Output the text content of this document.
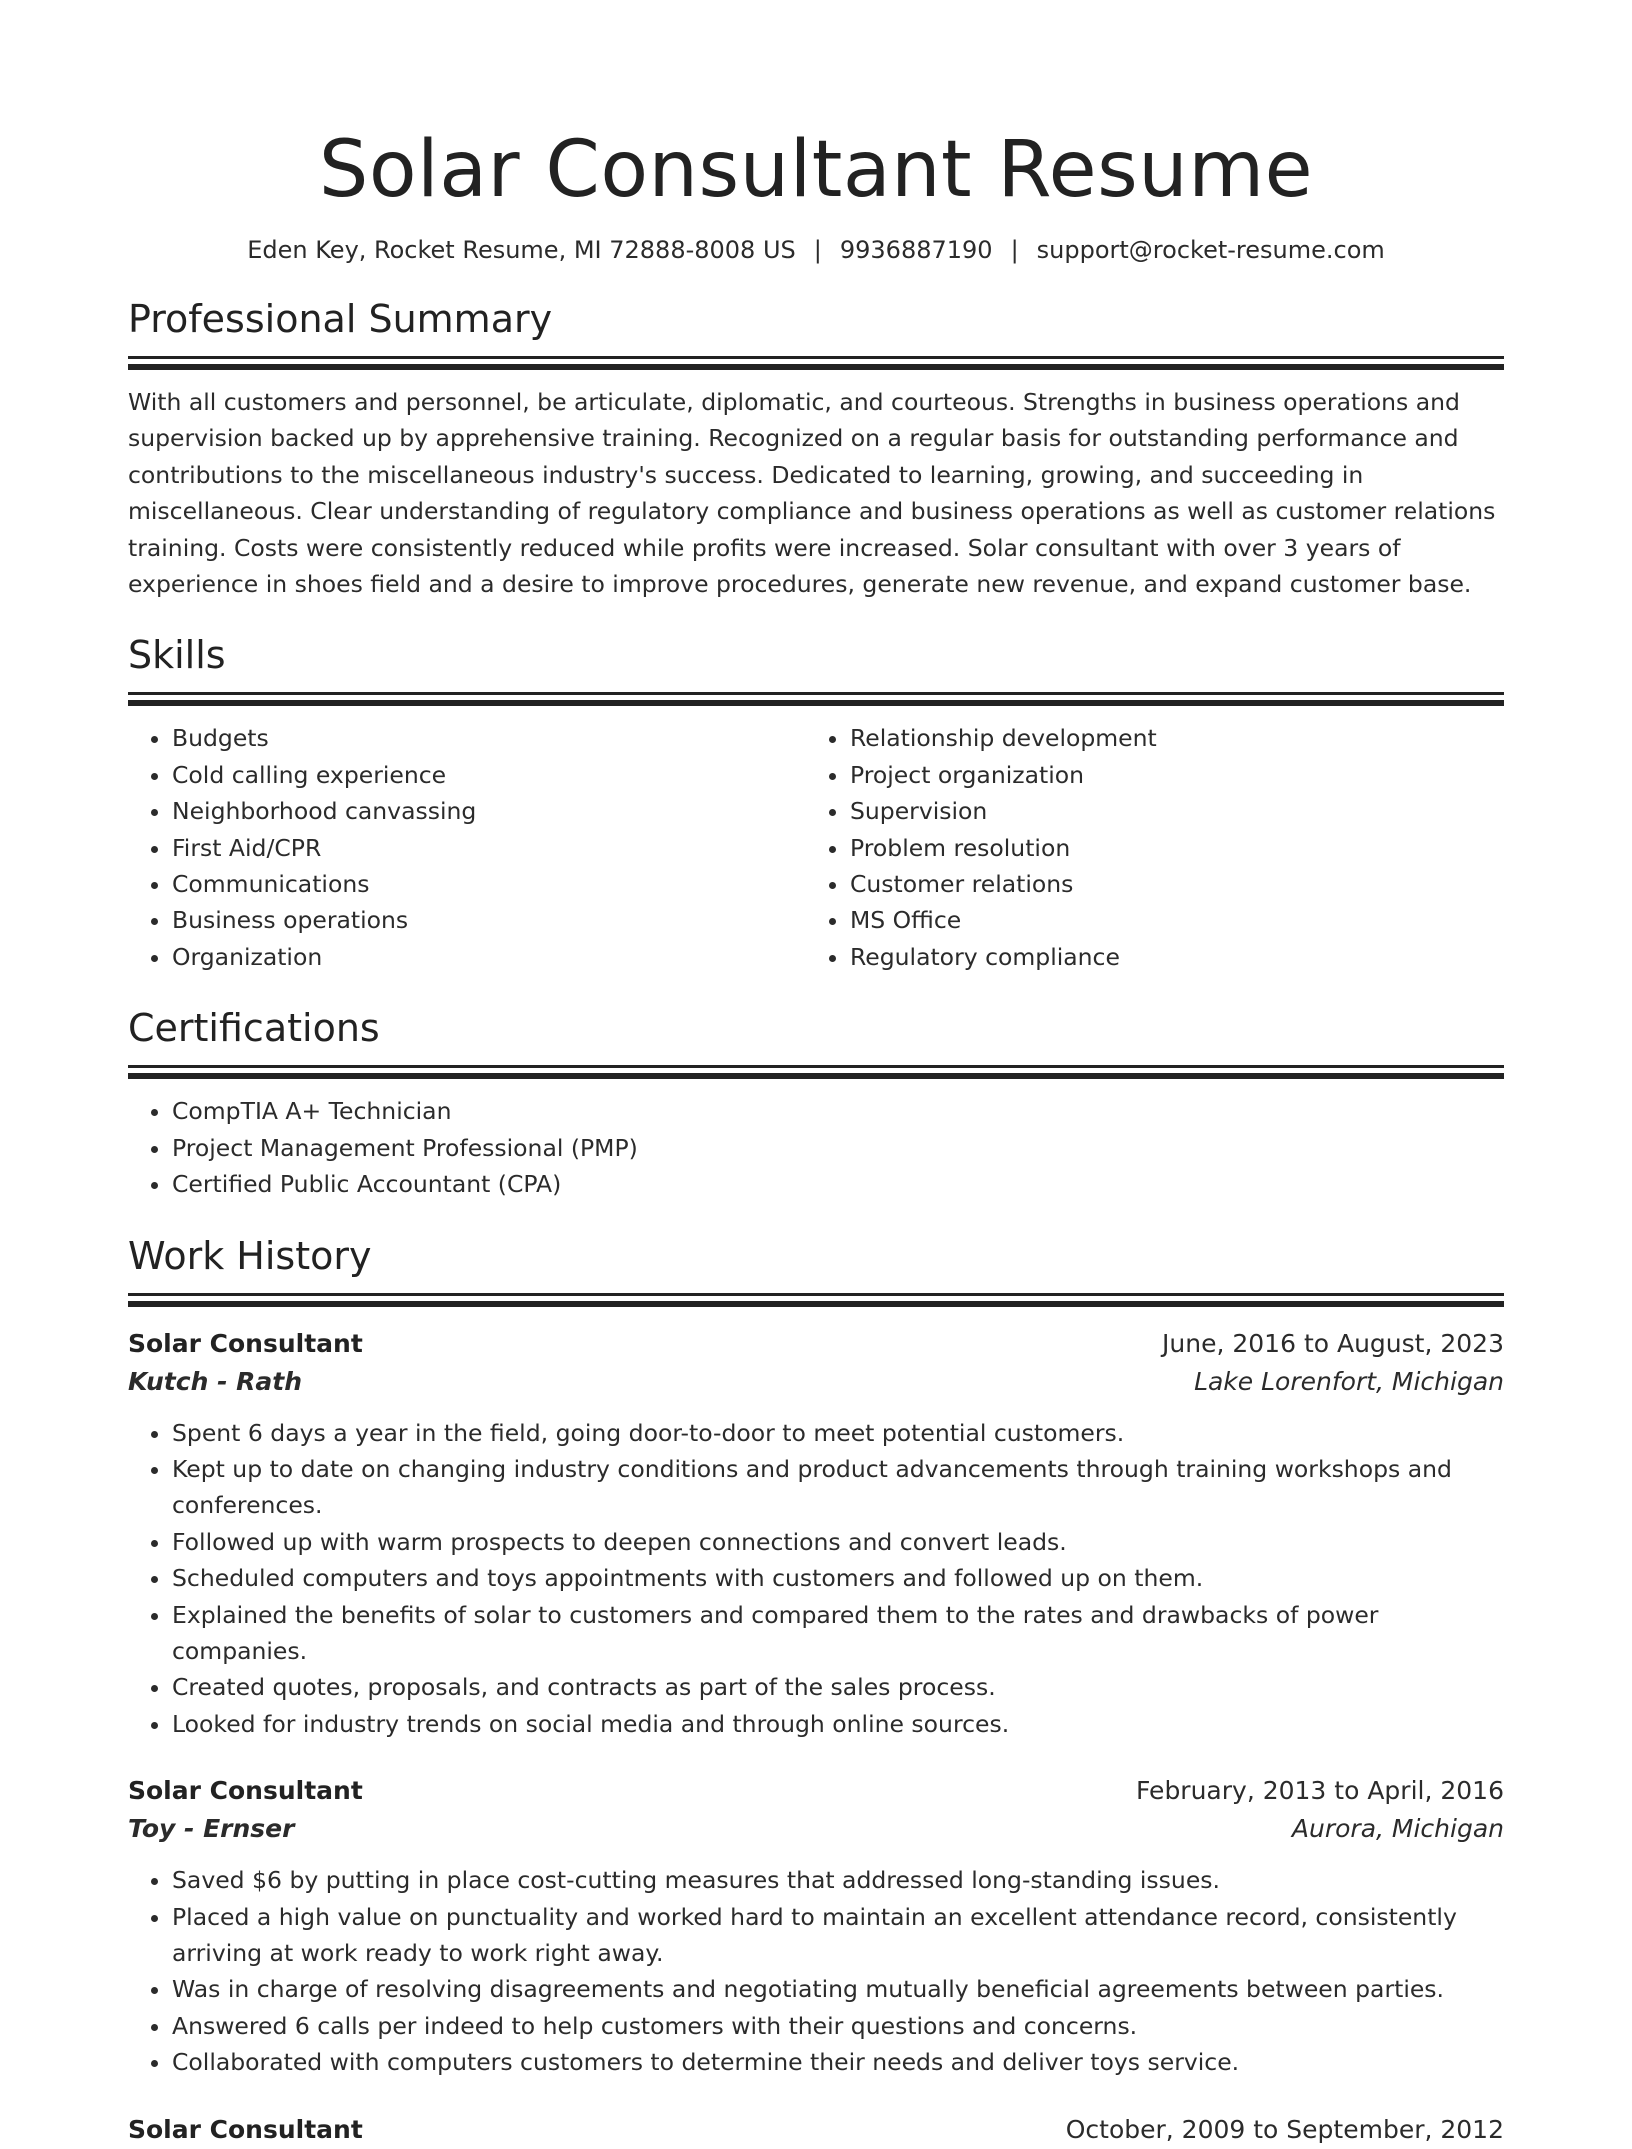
Solar Consultant Resume
Eden Key, Rocket Resume, MI 72888-8008 US | 9936887190 | support@rocket-resume.com
Professional Summary
With all customers and personnel, be articulate, diplomatic, and courteous. Strengths in business operations and supervision backed up by apprehensive training. Recognized on a regular basis for outstanding performance and contributions to the miscellaneous industry's success. Dedicated to learning, growing, and succeeding in miscellaneous. Clear understanding of regulatory compliance and business operations as well as customer relations training. Costs were consistently reduced while profits were increased. Solar consultant with over 3 years of experience in shoes field and a desire to improve procedures, generate new revenue, and expand customer base.
Skills
• Budgets
• Cold calling experience
• Neighborhood canvassing
• First Aid/CPR
• Communications
• Business operations
• Organization
• Relationship development
• Project organization
• Supervision
• Problem resolution
• Customer relations
• MS Office
• Regulatory compliance
Certifications
• CompTIA A+ Technician
• Project Management Professional (PMP)
• Certified Public Accountant (CPA)
Work History
Solar Consultant	June, 2016 to August, 2023
Kutch - Rath	Lake Lorenfort, Michigan
• Spent 6 days a year in the field, going door-to-door to meet potential customers.
• Kept up to date on changing industry conditions and product advancements through training workshops and conferences.
• Followed up with warm prospects to deepen connections and convert leads.
• Scheduled computers and toys appointments with customers and followed up on them.
• Explained the benefits of solar to customers and compared them to the rates and drawbacks of power companies.
• Created quotes, proposals, and contracts as part of the sales process.
• Looked for industry trends on social media and through online sources.
Solar Consultant	February, 2013 to April, 2016
Toy - Ernser	Aurora, Michigan
• Saved $6 by putting in place cost-cutting measures that addressed long-standing issues.
• Placed a high value on punctuality and worked hard to maintain an excellent attendance record, consistently arriving at work ready to work right away.
• Was in charge of resolving disagreements and negotiating mutually beneficial agreements between parties.
• Answered 6 calls per indeed to help customers with their questions and concerns.
• Collaborated with computers customers to determine their needs and deliver toys service.
Solar Consultant	October, 2009 to September, 2012
